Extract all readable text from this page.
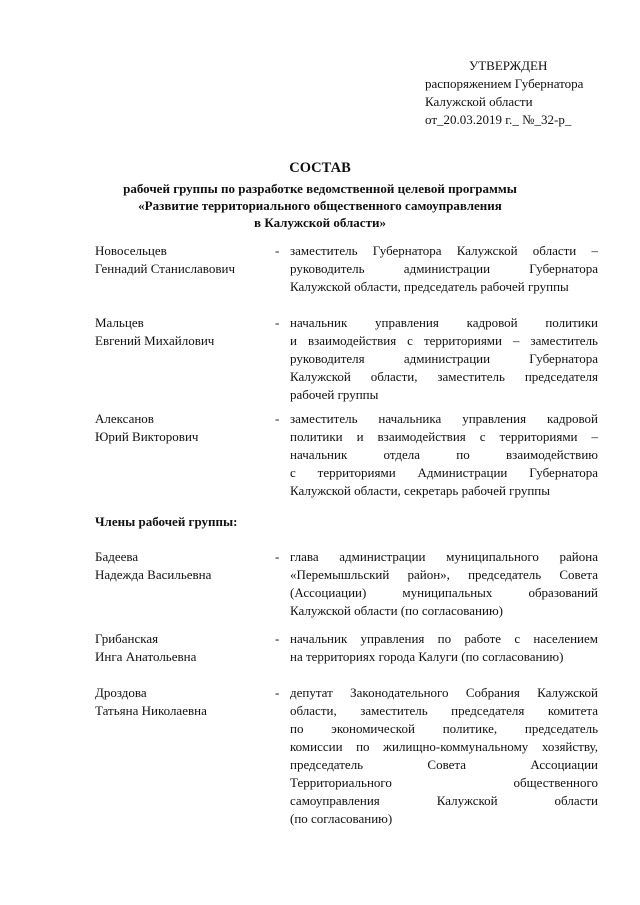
УТВЕРЖДЕН
распоряжением Губернатора
Калужской области
от_20.03.2019 г._ №_32-р_
СОСТАВ
рабочей группы по разработке ведомственной целевой программы
«Развитие территориального общественного самоуправления
в Калужской области»
Новосельцев
Геннадий Станиславович
- заместитель Губернатора Калужской области –
руководитель администрации Губернатора
Калужской области, председатель рабочей группы
Мальцев
Евгений Михайлович
- начальник управления кадровой политики
и взаимодействия с территориями – заместитель
руководителя администрации Губернатора
Калужской области, заместитель председателя
рабочей группы
Алексанов
Юрий Викторович
- заместитель начальника управления кадровой
политики и взаимодействия с территориями –
начальник отдела по взаимодействию
с территориями Администрации Губернатора
Калужской области, секретарь рабочей группы
Члены рабочей группы:
Бадеева
Надежда Васильевна
- глава администрации муниципального района
«Перемышльский район», председатель Совета
(Ассоциации) муниципальных образований
Калужской области (по согласованию)
Грибанская
Инга Анатольевна
- начальник управления по работе с населением
на территориях города Калуги (по согласованию)
Дроздова
Татьяна Николаевна
- депутат Законодательного Собрания Калужской
области, заместитель председателя комитета
по экономической политике, председатель
комиссии по жилищно-коммунальному хозяйству,
председатель Совета Ассоциации
Территориального общественного
самоуправления Калужской области
(по согласованию)
